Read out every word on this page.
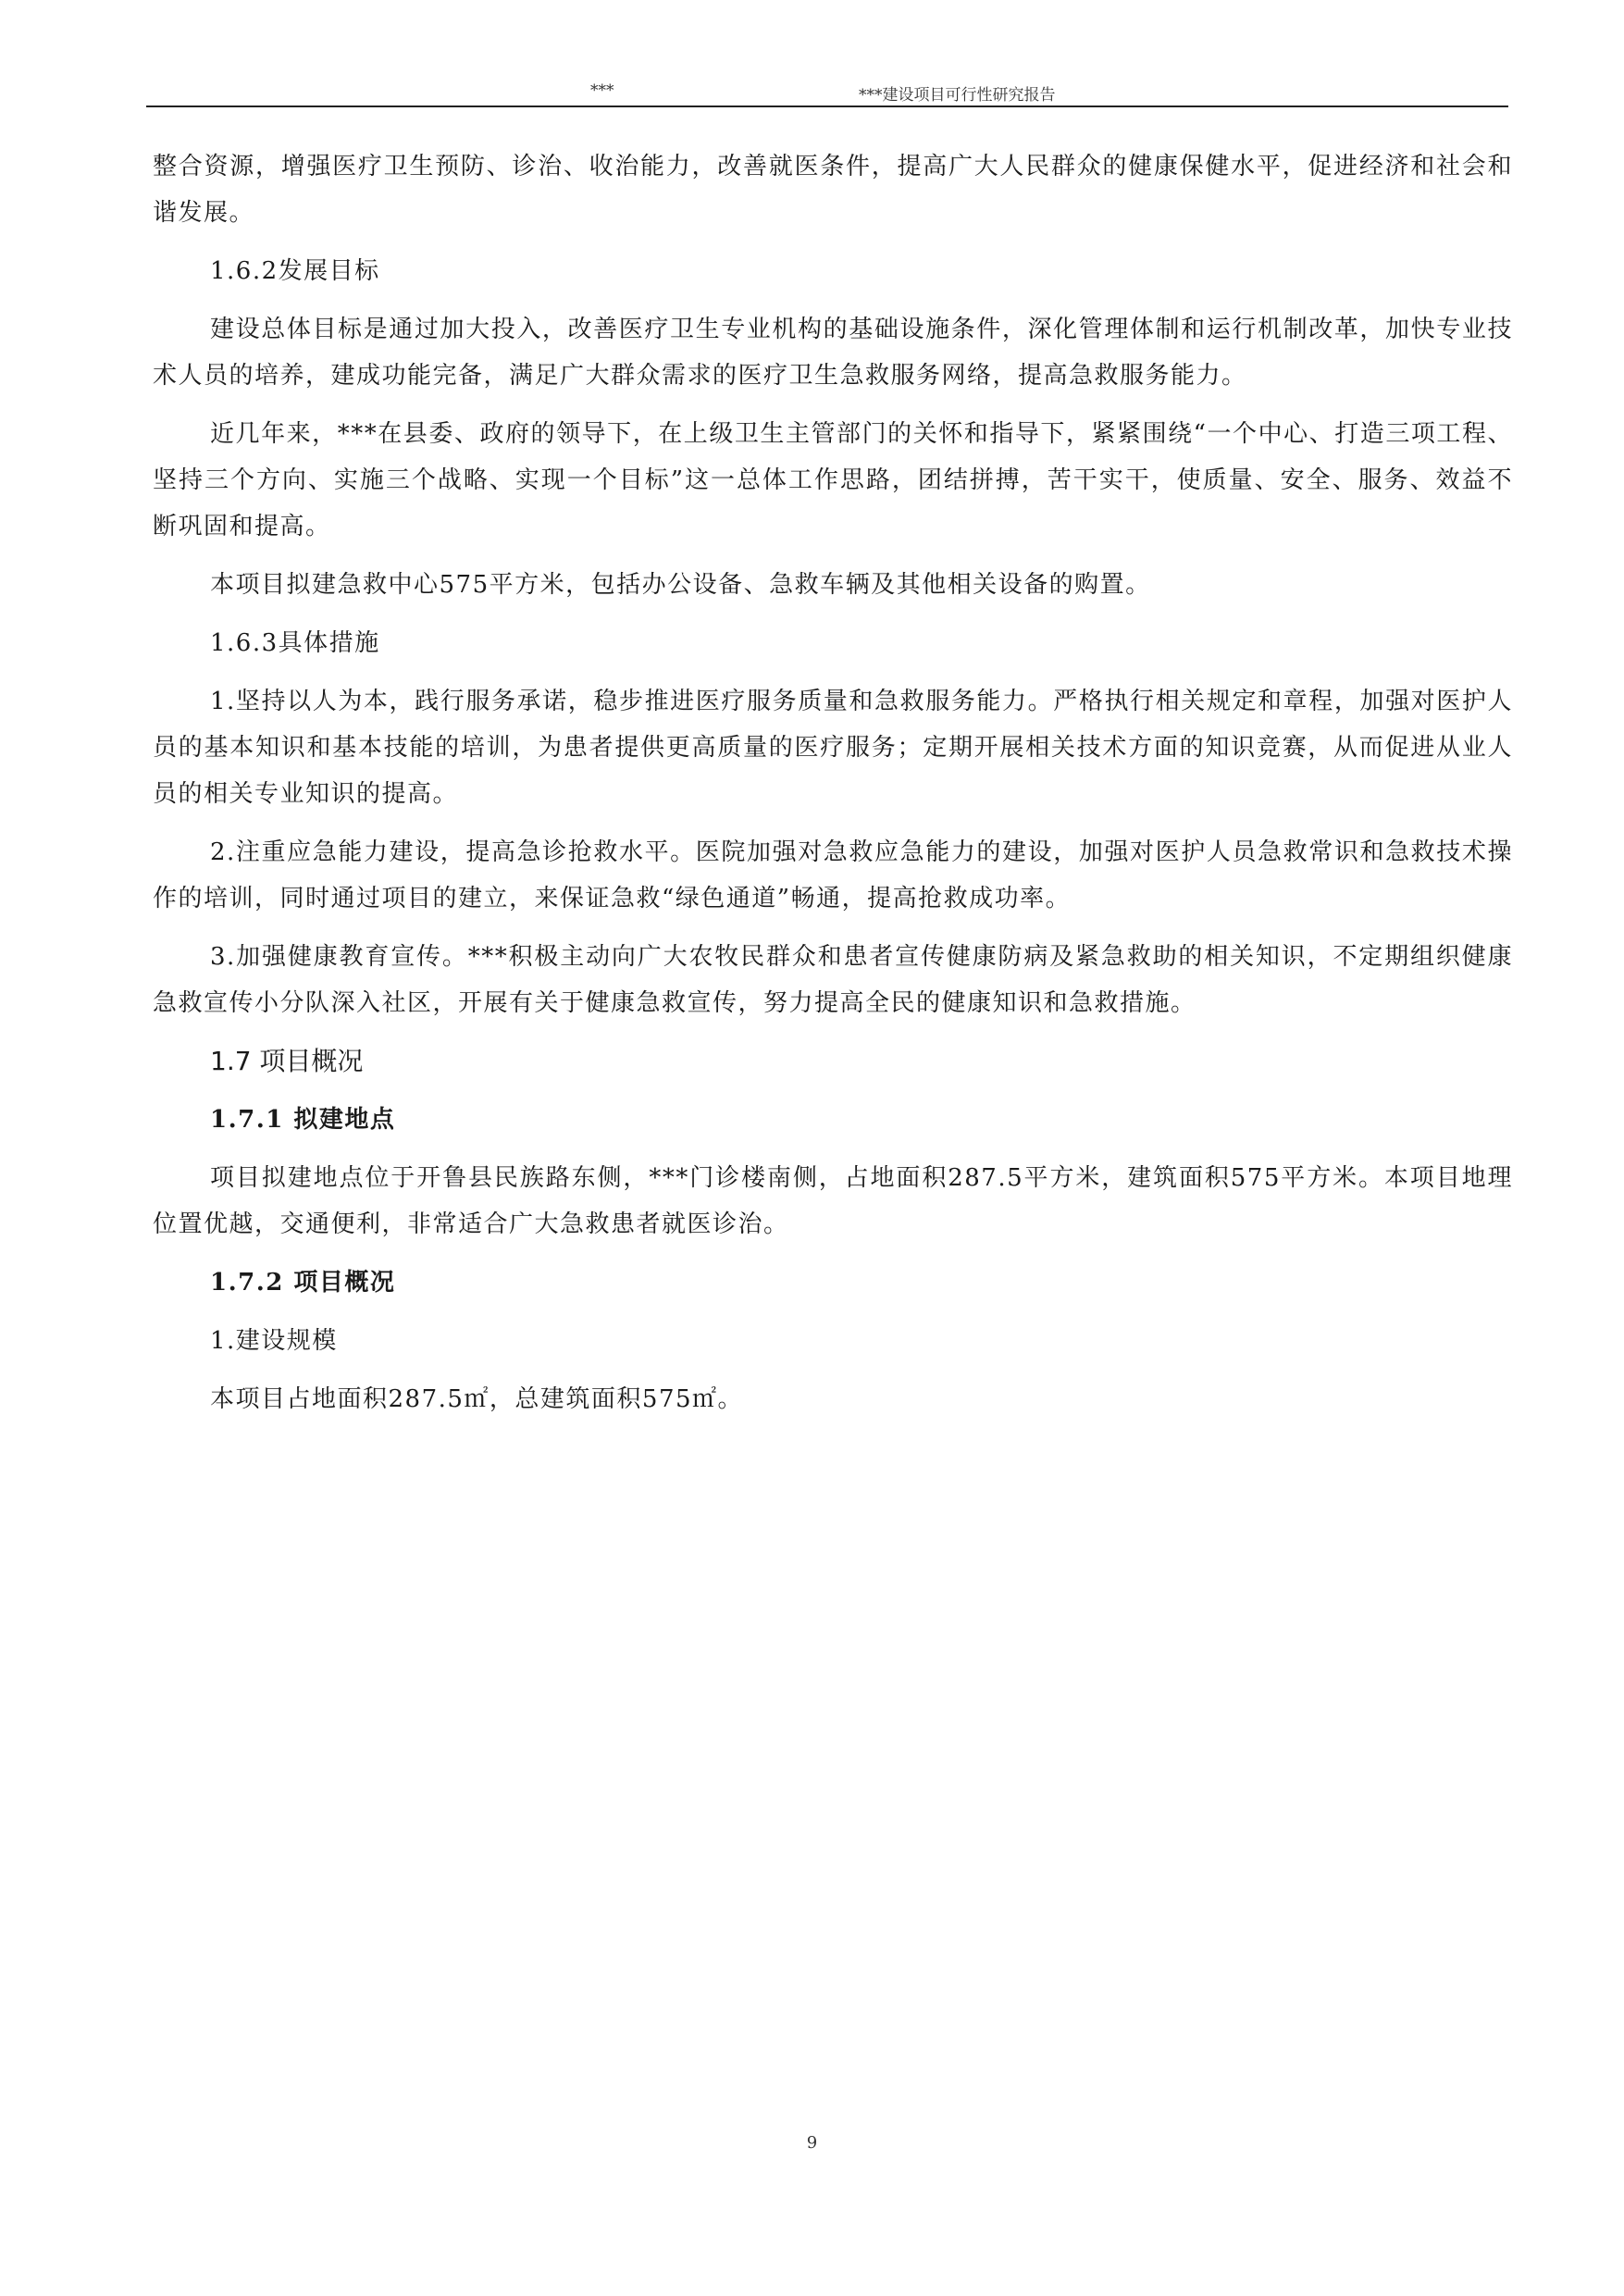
***	***建设项目可行性研究报告

整合资源，增强医疗卫生预防、诊治、收治能力，改善就医条件，提高广大人民群众的健康保健水平，促进经济和社会和谐发展。

1.6.2发展目标

建设总体目标是通过加大投入，改善医疗卫生专业机构的基础设施条件，深化管理体制和运行机制改革，加快专业技术人员的培养，建成功能完备，满足广大群众需求的医疗卫生急救服务网络，提高急救服务能力。

近几年来，***在县委、政府的领导下，在上级卫生主管部门的关怀和指导下，紧紧围绕“一个中心、打造三项工程、坚持三个方向、实施三个战略、实现一个目标”这一总体工作思路，团结拼搏，苦干实干，使质量、安全、服务、效益不断巩固和提高。

本项目拟建急救中心575平方米，包括办公设备、急救车辆及其他相关设备的购置。

1.6.3具体措施

1.坚持以人为本，践行服务承诺，稳步推进医疗服务质量和急救服务能力。严格执行相关规定和章程，加强对医护人员的基本知识和基本技能的培训，为患者提供更高质量的医疗服务；定期开展相关技术方面的知识竞赛，从而促进从业人员的相关专业知识的提高。

2.注重应急能力建设，提高急诊抢救水平。医院加强对急救应急能力的建设，加强对医护人员急救常识和急救技术操作的培训，同时通过项目的建立，来保证急救“绿色通道”畅通，提高抢救成功率。

3.加强健康教育宣传。***积极主动向广大农牧民群众和患者宣传健康防病及紧急救助的相关知识，不定期组织健康急救宣传小分队深入社区，开展有关于健康急救宣传，努力提高全民的健康知识和急救措施。

1.7 项目概况
1.7.1 拟建地点

项目拟建地点位于开鲁县民族路东侧，***门诊楼南侧，占地面积287.5平方米，建筑面积575平方米。本项目地理位置优越，交通便利，非常适合广大急救患者就医诊治。

1.7.2 项目概况

1.建设规模

本项目占地面积287.5㎡，总建筑面积575㎡。

9
